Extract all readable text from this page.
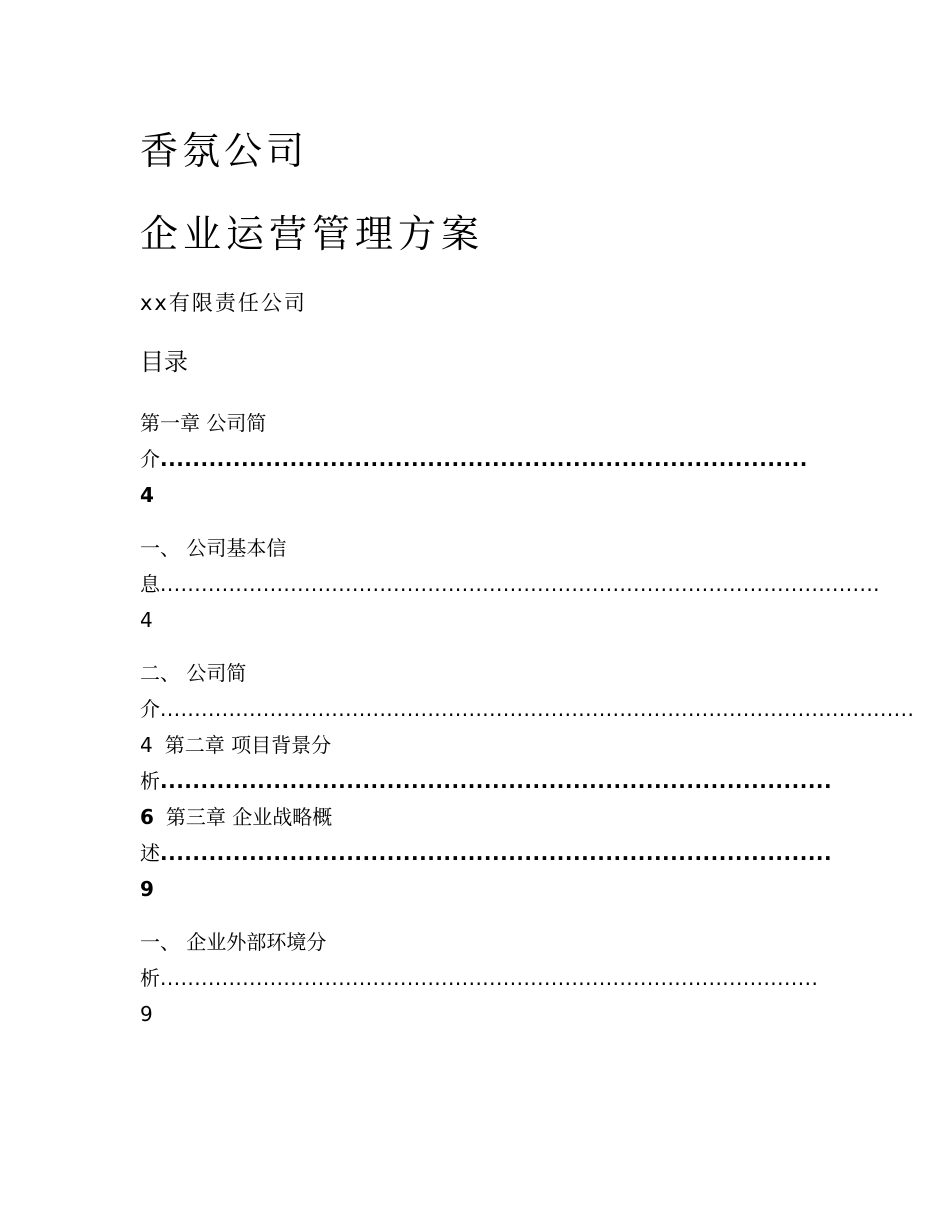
香氛公司
企业运营管理方案
xx有限责任公司
目录
第一章 公司简介................................................................................4
一、 公司基本信息.........................................................................................................4
二、 公司简介..............................................................................................................4 第二章 项目背景分析...................................................................................6 第三章 企业战略概述...................................................................................9
一、 企业外部环境分析................................................................................................9
